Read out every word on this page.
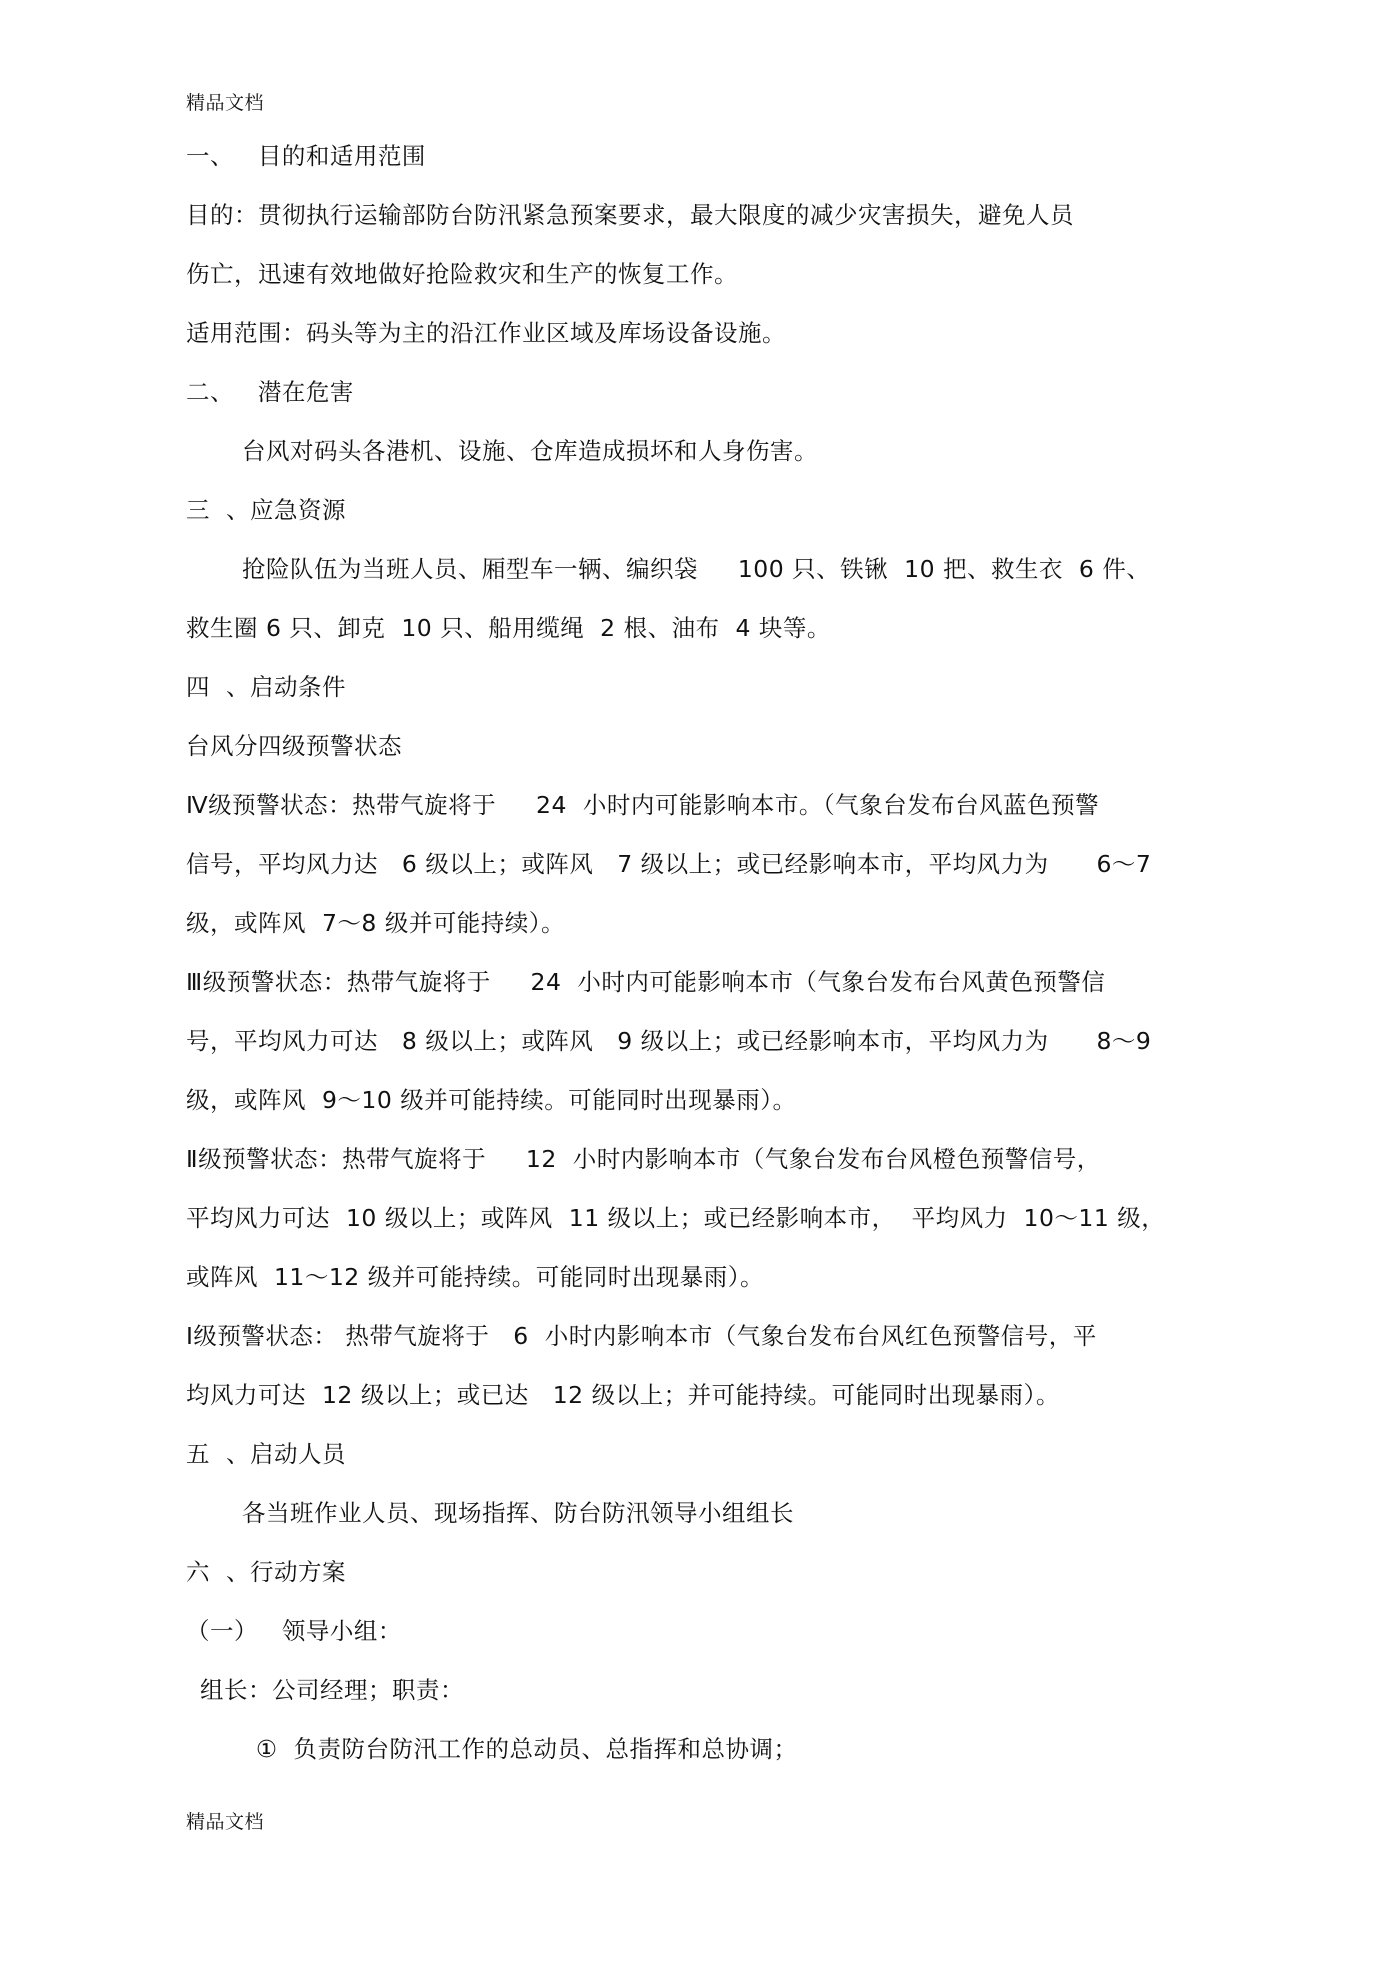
精品文档
一、   目的和适用范围
目的：贯彻执行运输部防台防汛紧急预案要求，最大限度的减少灾害损失，避免人员
伤亡，迅速有效地做好抢险救灾和生产的恢复工作。
适用范围：码头等为主的沿江作业区域及库场设备设施。
二、   潜在危害
台风对码头各港机、设施、仓库造成损坏和人身伤害。
三  、应急资源
抢险队伍为当班人员、厢型车一辆、编织袋     100 只、铁锹  10 把、救生衣  6 件、
救生圈 6 只、卸克  10 只、船用缆绳  2 根、油布  4 块等。
四  、启动条件
台风分四级预警状态
Ⅳ级预警状态：热带气旋将于     24  小时内可能影响本市。（气象台发布台风蓝色预警
信号，平均风力达   6 级以上；或阵风   7 级以上；或已经影响本市，平均风力为      6～7
级，或阵风  7～8 级并可能持续）。
Ⅲ级预警状态：热带气旋将于     24  小时内可能影响本市（气象台发布台风黄色预警信
号，平均风力可达   8 级以上；或阵风   9 级以上；或已经影响本市，平均风力为      8～9
级，或阵风  9～10 级并可能持续。可能同时出现暴雨）。
Ⅱ级预警状态：热带气旋将于     12  小时内影响本市（气象台发布台风橙色预警信号，
平均风力可达  10 级以上；或阵风  11 级以上；或已经影响本市，  平均风力  10～11 级，
或阵风  11～12 级并可能持续。可能同时出现暴雨）。
Ⅰ级预警状态： 热带气旋将于   6  小时内影响本市（气象台发布台风红色预警信号，平
均风力可达  12 级以上；或已达   12 级以上；并可能持续。可能同时出现暴雨）。
五  、启动人员
各当班作业人员、现场指挥、防台防汛领导小组组长
六  、行动方案
（一）   领导小组：
组长：公司经理；职责：
①  负责防台防汛工作的总动员、总指挥和总协调；
精品文档
